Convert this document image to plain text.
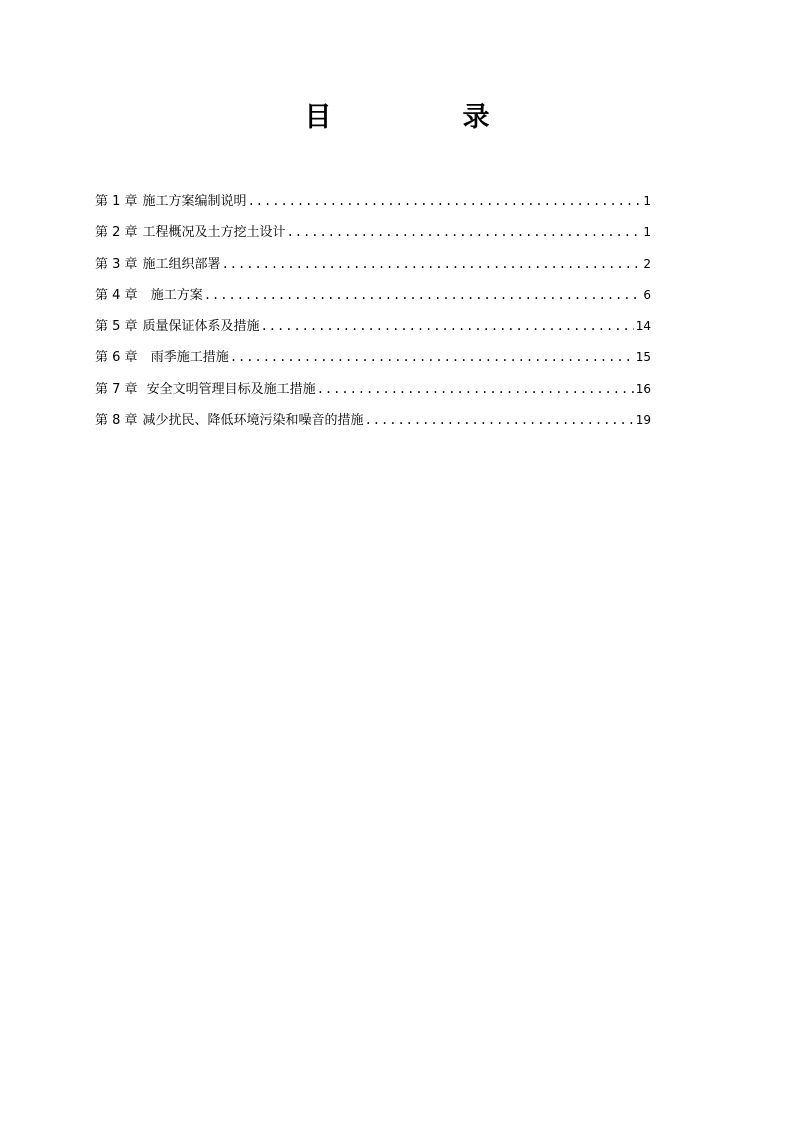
目　录
第 1 章 施工方案编制说明 .....	1
第 2 章 工程概况及土方挖土设计 .....	1
第 3 章 施工组织部署 .....	2
第 4 章 施工方案 .....	6
第 5 章 质量保证体系及措施 .....	14
第 6 章 雨季施工措施 .....	15
第 7 章 安全文明管理目标及施工措施 .....	16
第 8 章 减少扰民、降低环境污染和噪音的措施 .....	19
